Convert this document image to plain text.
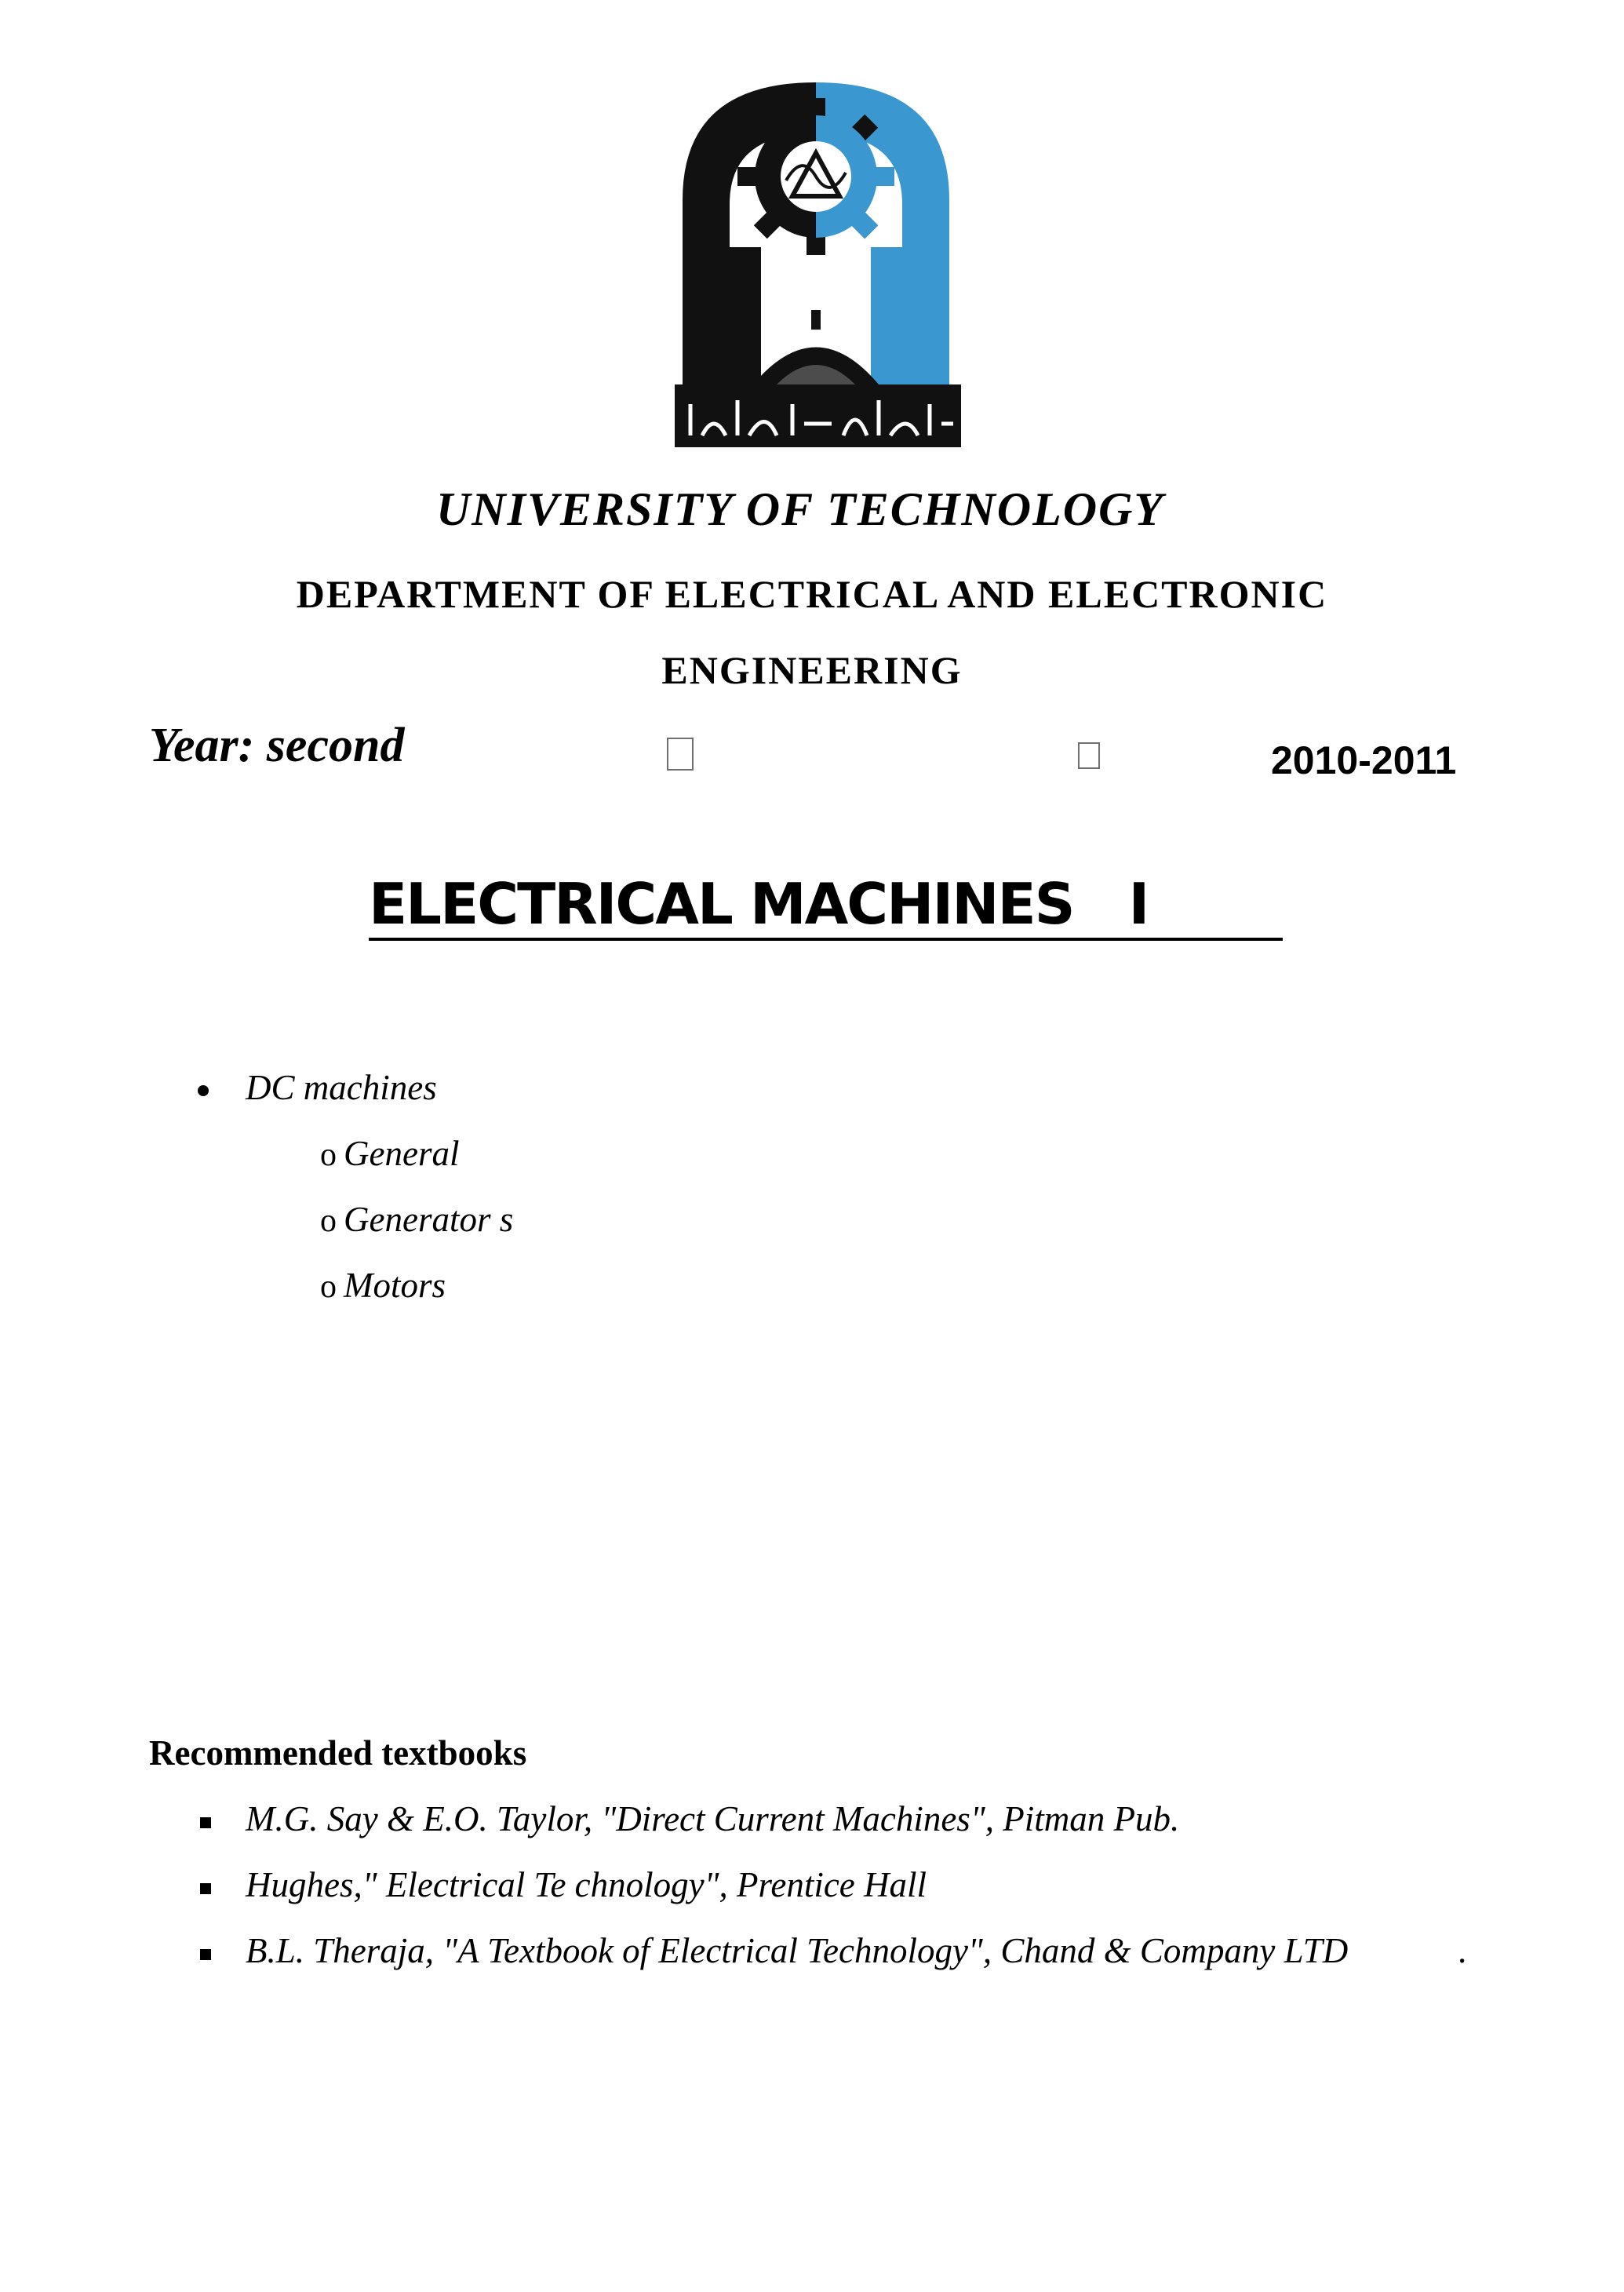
UNIVERSITY OF TECHNOLOGY
DEPARTMENT OF ELECTRICAL AND ELECTRONIC
ENGINEERING
Year: second	2010-2011
ELECTRICAL MACHINES I
DC machines
o General
o Generator s
o Motors
Recommended textbooks
M.G. Say & E.O. Taylor, "Direct Current Machines", Pitman Pub.
Hughes," Electrical Te chnology", Prentice Hall
B.L. Theraja, "A Textbook of Electrical Technology", Chand & Company LTD	.
